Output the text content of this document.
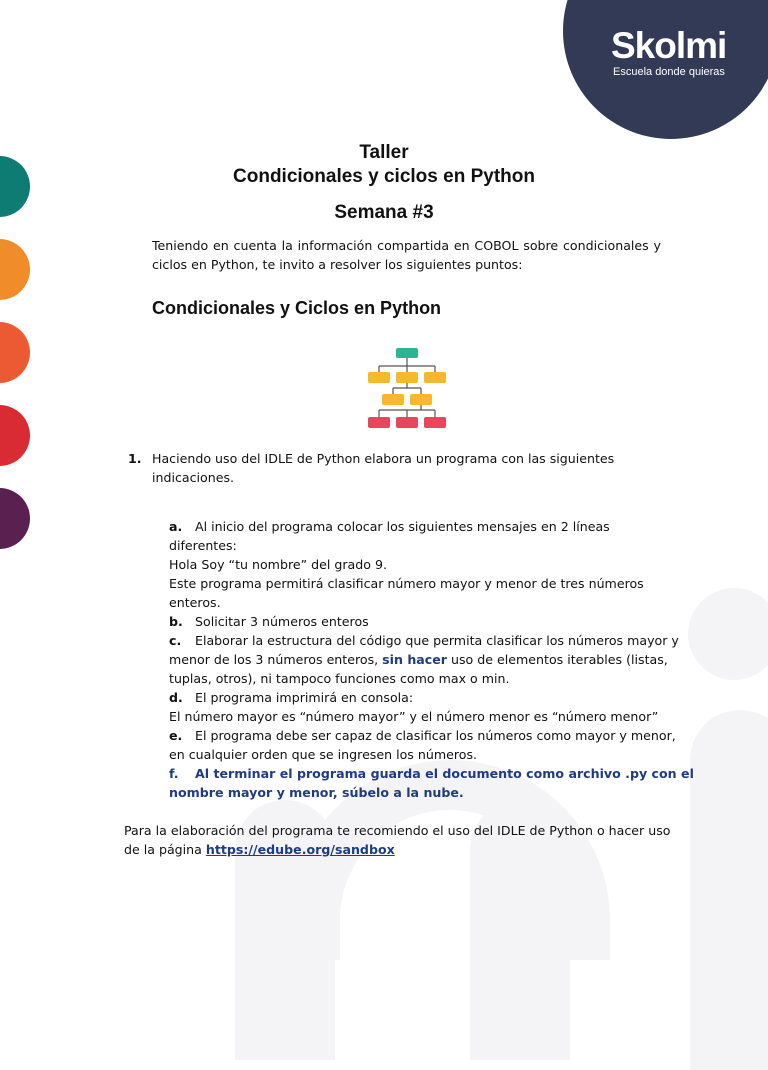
Skolmi
Escuela donde quieras
Taller
Condicionales y ciclos en Python
Semana #3
Teniendo en cuenta la información compartida en COBOL sobre condicionales y
ciclos en Python, te invito a resolver los siguientes puntos:
Condicionales y Ciclos en Python
1. Haciendo uso del IDLE de Python elabora un programa con las siguientes
indicaciones.
a. Al inicio del programa colocar los siguientes mensajes en 2 líneas
diferentes:
Hola Soy “tu nombre” del grado 9.
Este programa permitirá clasificar número mayor y menor de tres números
enteros.
b. Solicitar 3 números enteros
c. Elaborar la estructura del código que permita clasificar los números mayor y
menor de los 3 números enteros, sin hacer uso de elementos iterables (listas,
tuplas, otros), ni tampoco funciones como max o min.
d. El programa imprimirá en consola:
El número mayor es “número mayor” y el número menor es “número menor”
e. El programa debe ser capaz de clasificar los números como mayor y menor,
en cualquier orden que se ingresen los números.
f. Al terminar el programa guarda el documento como archivo .py con el
nombre mayor y menor, súbelo a la nube.
Para la elaboración del programa te recomiendo el uso del IDLE de Python o hacer uso
de la página https://edube.org/sandbox
